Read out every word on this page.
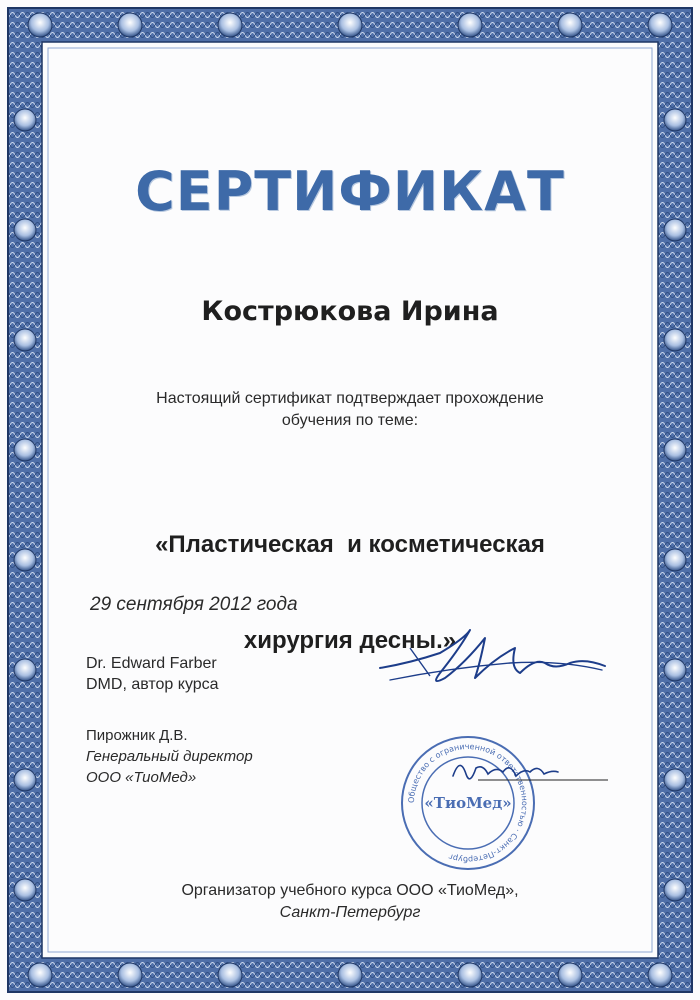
СЕРТИФИКАТ
Кострюкова Ирина
Настоящий сертификат подтверждает прохождение
обучения по теме:

«Пластическая  и косметическая

хирургия десны.»

29 сентября 2012 года
Dr. Edward Farber
DMD, автор курса
Пирожник Д.В.
Генеральный директор
ООО «ТиоМед»
Общество с ограниченной ответственностью · Санкт-Петербург
«ТиоМед»
Организатор учебного курса ООО «ТиоМед»,
Санкт-Петербург
